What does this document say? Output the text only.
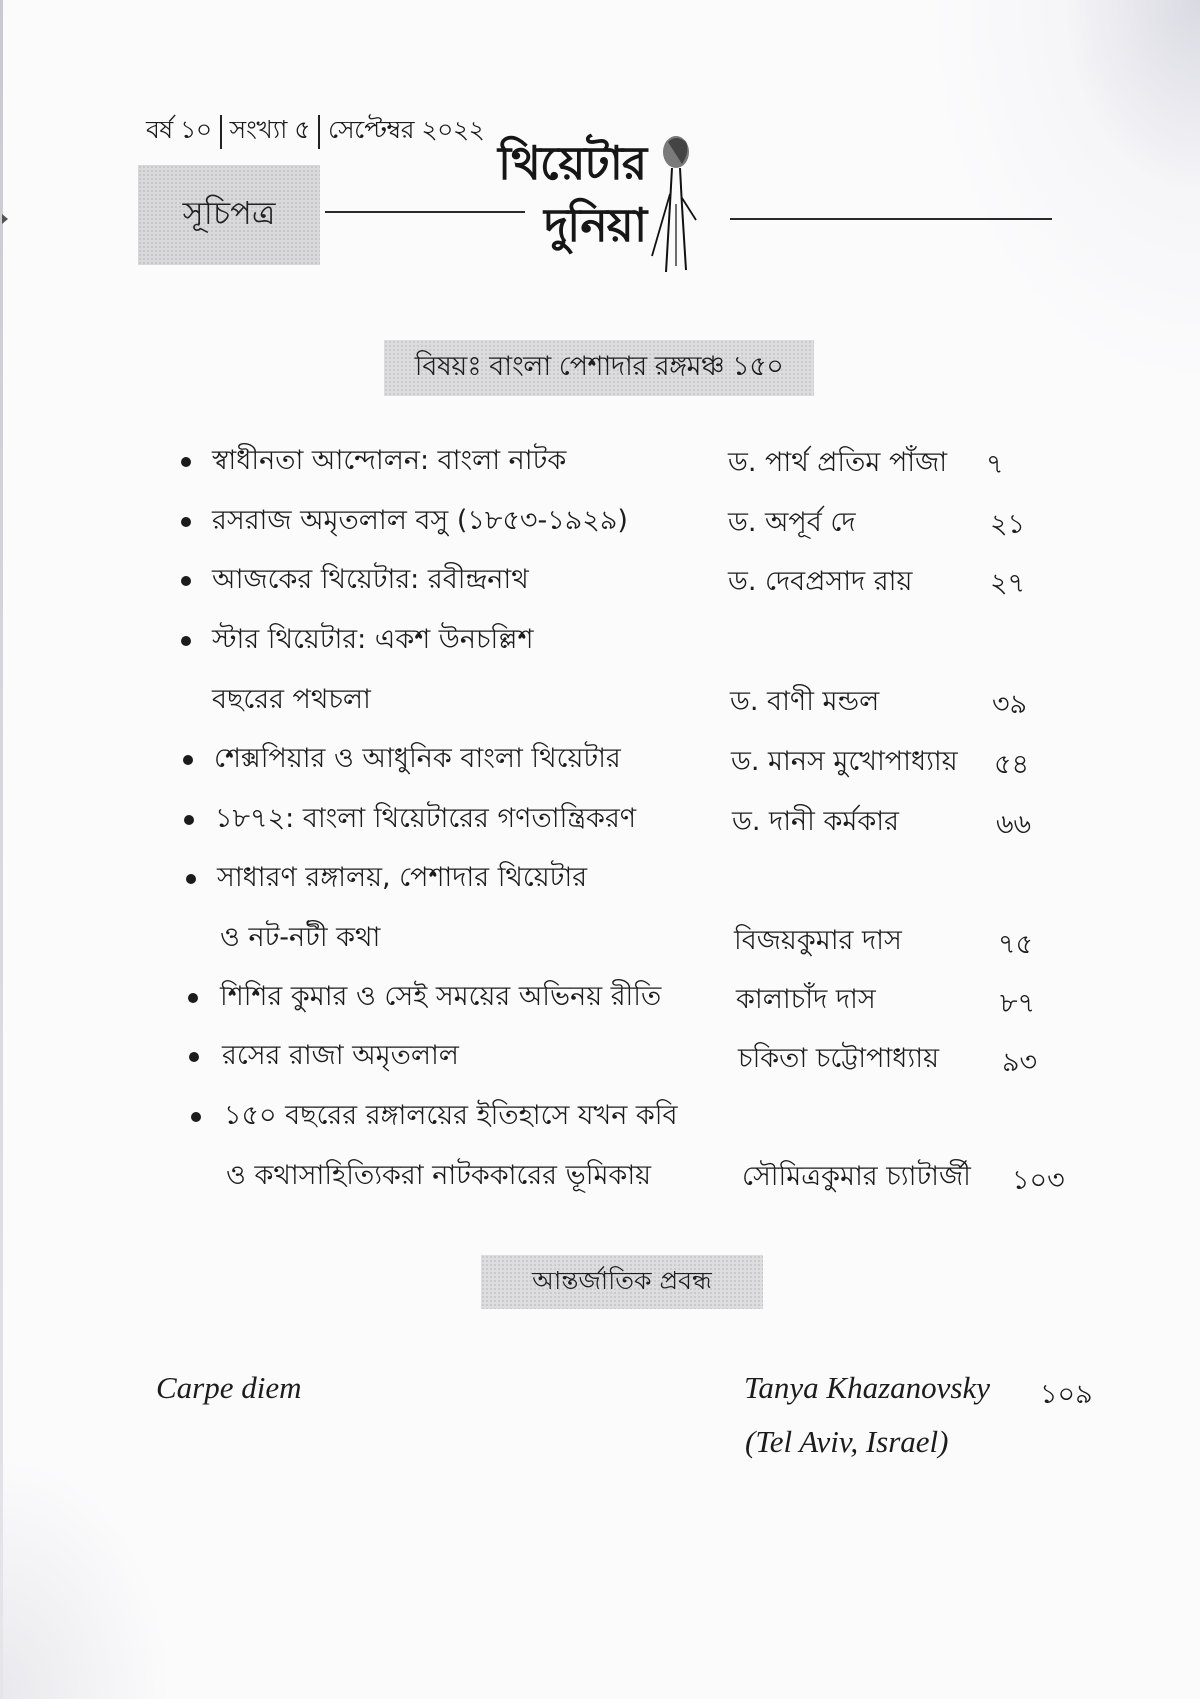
বর্ষ ১০ সংখ্যা ৫ সেপ্টেম্বর ২০২২
সূচিপত্র
থিয়েটার
দুনিয়া
বিষয়ঃ বাংলা পেশাদার রঙ্গমঞ্চ ১৫০
স্বাধীনতা আন্দোলন: বাংলা নাটক	ড. পার্থ প্রতিম পাঁজা ৭
রসরাজ অমৃতলাল বসু (১৮৫৩-১৯২৯)	ড. অপূর্ব দে	২১
আজকের থিয়েটার: রবীন্দ্রনাথ	ড. দেবপ্রসাদ রায়	২৭
স্টার থিয়েটার: একশ উনচল্লিশ
বছরের পথচলা	ড. বাণী মন্ডল	৩৯
শেক্সপিয়ার ও আধুনিক বাংলা থিয়েটার	ড. মানস মুখোপাধ্যায় ৫৪
১৮৭২: বাংলা থিয়েটারের গণতান্ত্রিকরণ	ড. দানী কর্মকার	৬৬
সাধারণ রঙ্গালয়, পেশাদার থিয়েটার
ও নট-নটী কথা	বিজয়কুমার দাস	৭৫
শিশির কুমার ও সেই সময়ের অভিনয় রীতি	কালাচাঁদ দাস	৮৭
রসের রাজা অমৃতলাল	চকিতা চট্টোপাধ্যায় ৯৩
১৫০ বছরের রঙ্গালয়ের ইতিহাসে যখন কবি
ও কথাসাহিত্যিকরা নাটককারের ভূমিকায়	সৌমিত্রকুমার চ্যাটার্জী ১০৩
আন্তর্জাতিক প্রবন্ধ
Carpe diem	Tanya Khazanovsky ১০৯
(Tel Aviv, Israel)
